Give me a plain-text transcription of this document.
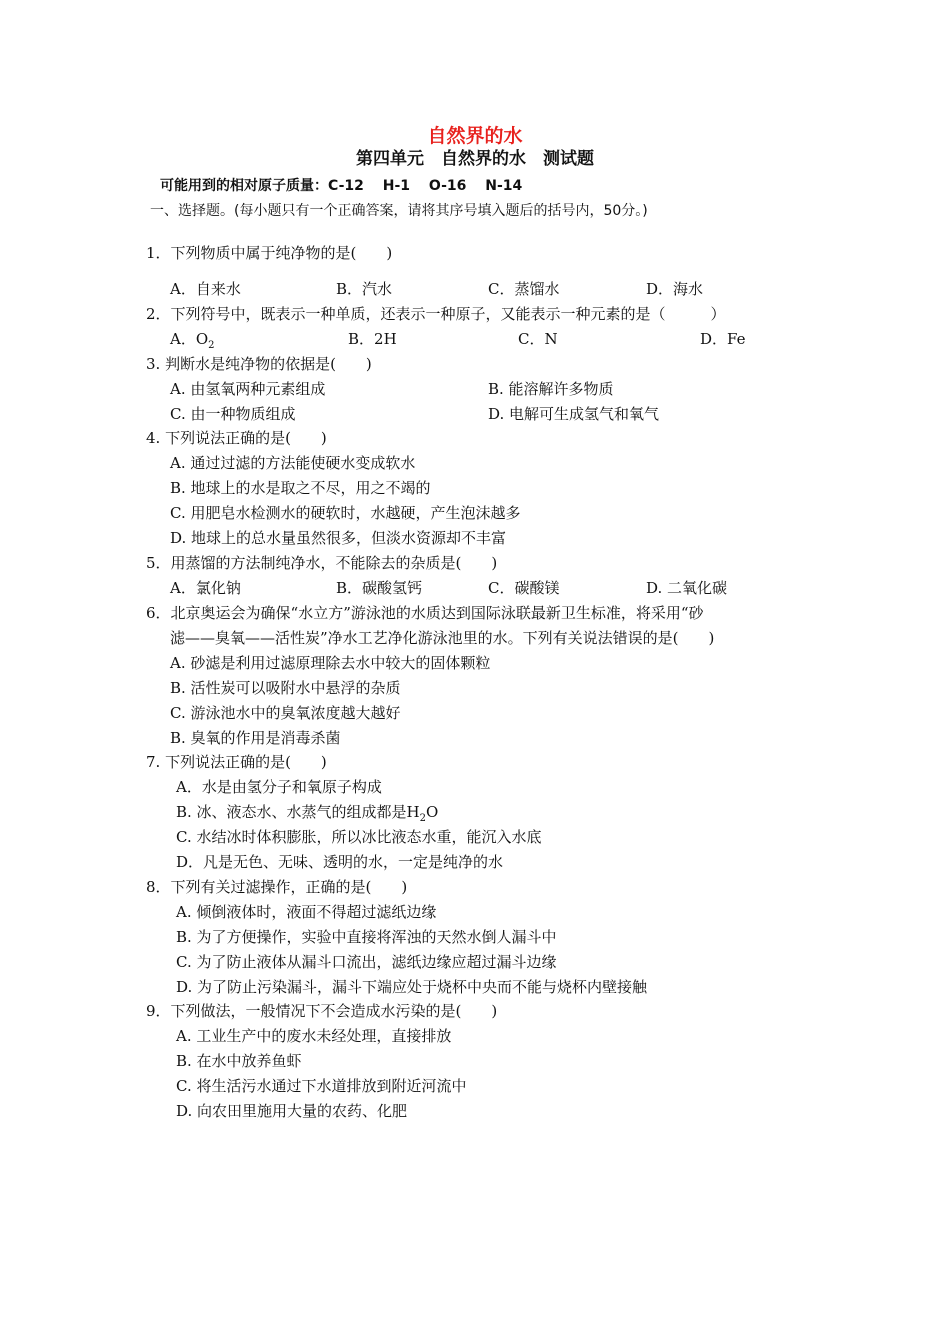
自然界的水
第四单元　自然界的水　测试题
可能用到的相对原子质量：C-12　 H-1　 O-16　 N-14
一、选择题。(每小题只有一个正确答案，请将其序号填入题后的括号内，50分。)
1．下列物质中属于纯净物的是(　　)
A．自来水	B．汽水	C．蒸馏水	D．海水
2．下列符号中，既表示一种单质，还表示一种原子，又能表示一种元素的是（　　　）
A．$O_2$	B．2H	C．N	D．Fe
3. 判断水是纯净物的依据是(　　)
A. 由氢氧两种元素组成	B. 能溶解许多物质
C. 由一种物质组成	D. 电解可生成氢气和氧气
4. 下列说法正确的是(　　)
A. 通过过滤的方法能使硬水变成软水
B. 地球上的水是取之不尽，用之不竭的
C. 用肥皂水检测水的硬软时，水越硬，产生泡沫越多
D. 地球上的总水量虽然很多，但淡水资源却不丰富
5．用蒸馏的方法制纯净水，不能除去的杂质是(　　)
A．氯化钠	B．碳酸氢钙	C．碳酸镁	D. 二氧化碳
6．北京奥运会为确保“水立方”游泳池的水质达到国际泳联最新卫生标准，将采用“砂
滤——臭氧——活性炭”净水工艺净化游泳池里的水。下列有关说法错误的是(　　)
A. 砂滤是利用过滤原理除去水中较大的固体颗粒
B. 活性炭可以吸附水中悬浮的杂质
C. 游泳池水中的臭氧浓度越大越好
B. 臭氧的作用是消毒杀菌
7. 下列说法正确的是(　　)
A．水是由氢分子和氧原子构成
B. 冰、液态水、水蒸气的组成都是$H_2O$
C. 水结冰时体积膨胀，所以冰比液态水重，能沉入水底
D．凡是无色、无味、透明的水，一定是纯净的水
8．下列有关过滤操作，正确的是(　　)
A. 倾倒液体时，液面不得超过滤纸边缘
B. 为了方便操作，实验中直接将浑浊的天然水倒人漏斗中
C. 为了防止液体从漏斗口流出，滤纸边缘应超过漏斗边缘
D. 为了防止污染漏斗，漏斗下端应处于烧杯中央而不能与烧杯内壁接触
9．下列做法，一般情况下不会造成水污染的是(　　)
A. 工业生产中的废水未经处理，直接排放
B. 在水中放养鱼虾
C. 将生活污水通过下水道排放到附近河流中
D. 向农田里施用大量的农药、化肥
